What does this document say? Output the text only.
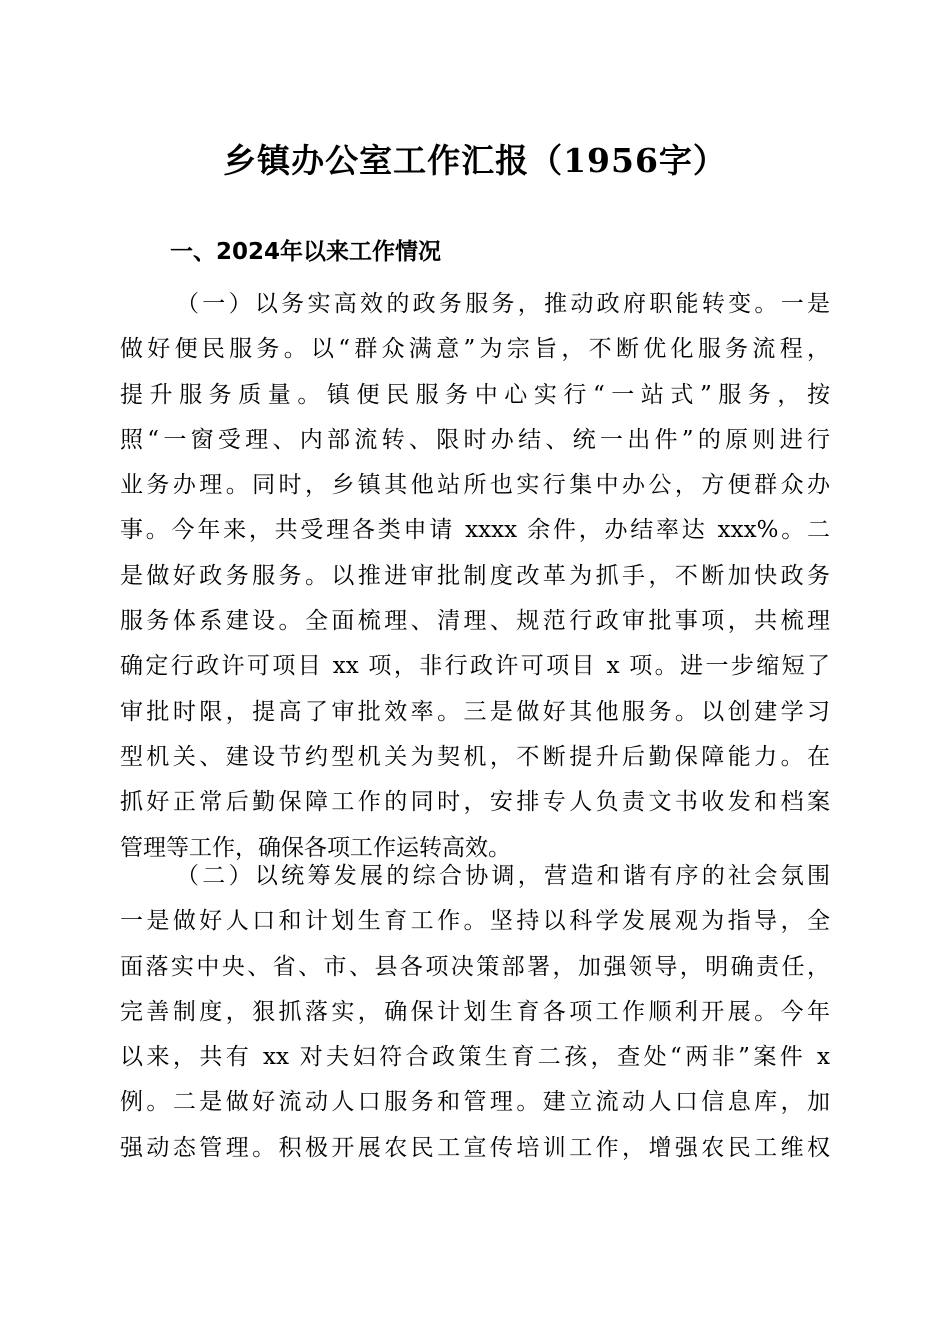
乡镇办公室工作汇报（1956字）
一、2024年以来工作情况
（一）以务实高效的政务服务，推动政府职能转变。一是
做好便民服务。以“群众满意”为宗旨，不断优化服务流程，
提升服务质量。镇便民服务中心实行“一站式”服务，按
照“一窗受理、内部流转、限时办结、统一出件”的原则进行
业务办理。同时，乡镇其他站所也实行集中办公，方便群众办
事。今年来，共受理各类申请 xxxx 余件，办结率达 xxx%。二
是做好政务服务。以推进审批制度改革为抓手，不断加快政务
服务体系建设。全面梳理、清理、规范行政审批事项，共梳理
确定行政许可项目 xx 项，非行政许可项目 x 项。进一步缩短了
审批时限，提高了审批效率。三是做好其他服务。以创建学习
型机关、建设节约型机关为契机，不断提升后勤保障能力。在
抓好正常后勤保障工作的同时，安排专人负责文书收发和档案
管理等工作，确保各项工作运转高效。
（二）以统筹发展的综合协调，营造和谐有序的社会氛围
一是做好人口和计划生育工作。坚持以科学发展观为指导，全
面落实中央、省、市、县各项决策部署，加强领导，明确责任，
完善制度，狠抓落实，确保计划生育各项工作顺利开展。今年
以来，共有 xx 对夫妇符合政策生育二孩，查处“两非”案件 x
例。二是做好流动人口服务和管理。建立流动人口信息库，加
强动态管理。积极开展农民工宣传培训工作，增强农民工维权
